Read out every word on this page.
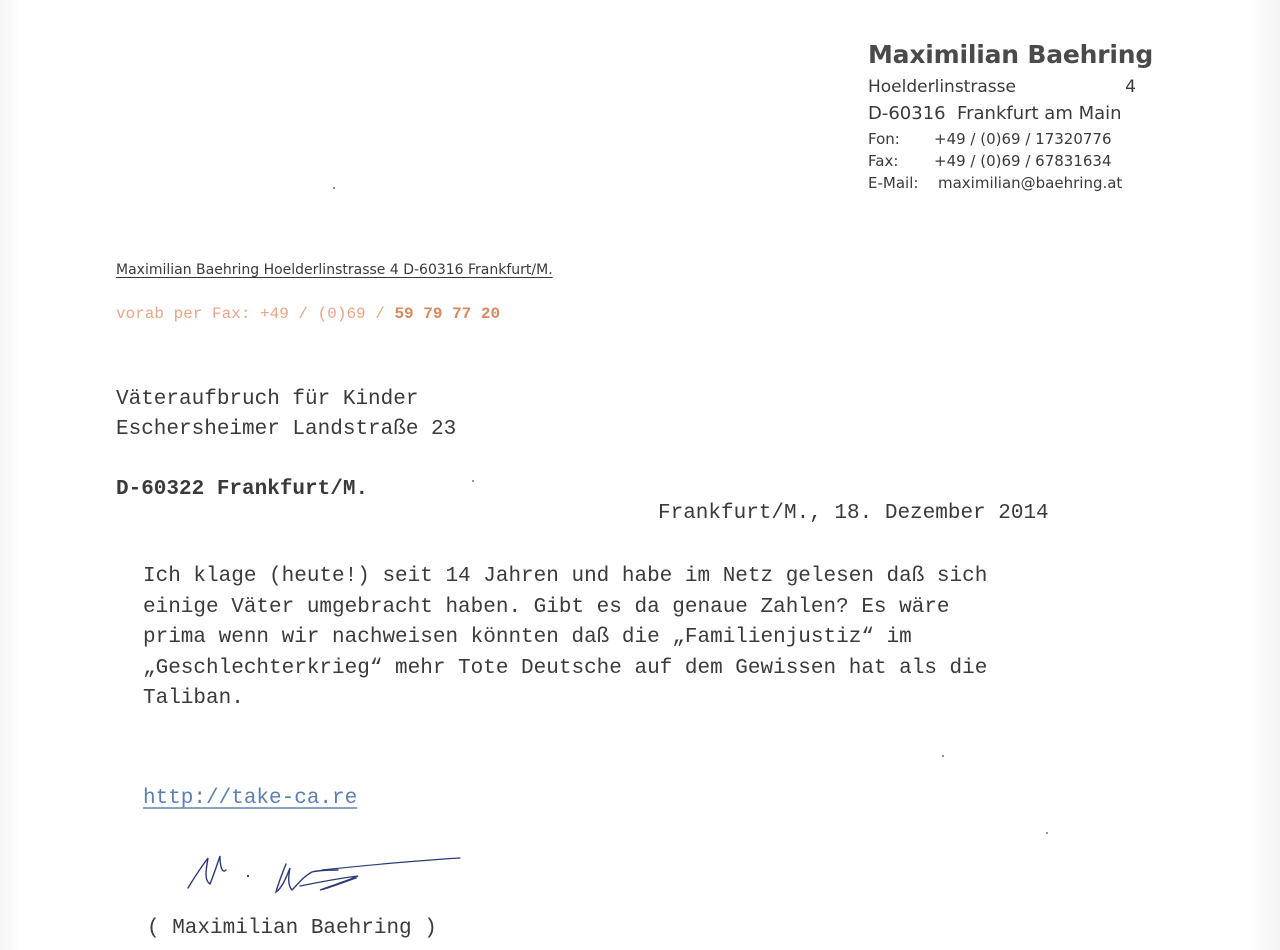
Maximilian Baehring
Hoelderlinstrasse	4
D-60316  Frankfurt am Main
Fon:	+49 / (0)69 / 17320776
Fax:	+49 / (0)69 / 67831634
E-Mail:	maximilian@baehring.at
Maximilian Baehring Hoelderlinstrasse 4 D-60316 Frankfurt/M.
vorab per Fax: +49 / (0)69 / 59 79 77 20
Väteraufbruch für Kinder
Eschersheimer Landstraße 23
D-60322 Frankfurt/M.
Frankfurt/M., 18. Dezember 2014
Ich klage (heute!) seit 14 Jahren und habe im Netz gelesen daß sich
einige Väter umgebracht haben. Gibt es da genaue Zahlen? Es wäre
prima wenn wir nachweisen könnten daß die „Familienjustiz“ im
„Geschlechterkrieg“ mehr Tote Deutsche auf dem Gewissen hat als die
Taliban.
http://take-ca.re
( Maximilian Baehring )
